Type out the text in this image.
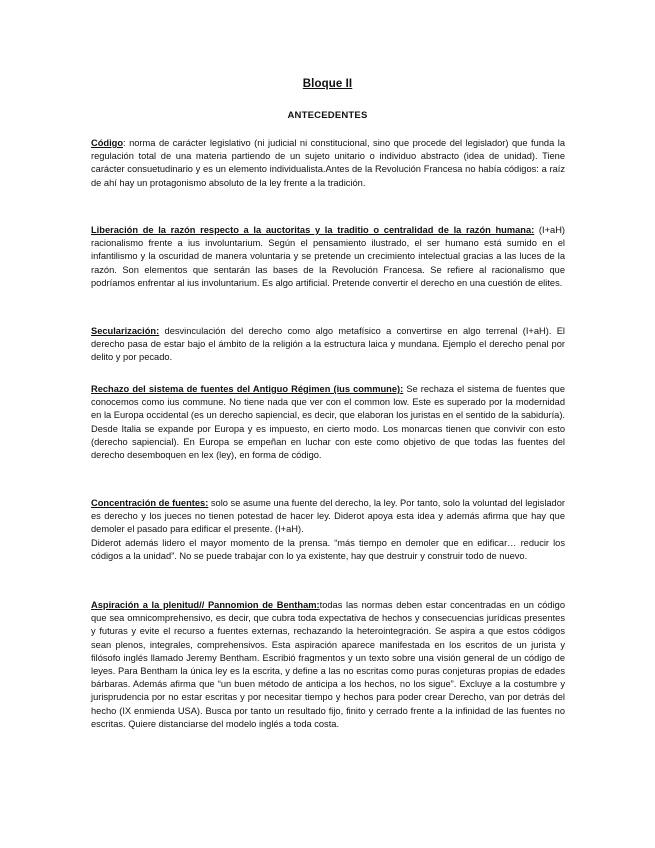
Bloque II
ANTECEDENTES

Código: norma de carácter legislativo (ni judicial ni constitucional, sino que procede del legislador) que funda la regulación total de una materia partiendo de un sujeto unitario o individuo abstracto (idea de unidad). Tiene carácter consuetudinario y es un elemento individualista.Antes de la Revolución Francesa no había códigos: a raíz de ahí hay un protagonismo absoluto de la ley frente a la tradición.

Liberación de la razón respecto a la auctoritas y la traditio o centralidad de la razón humana: (I+aH) racionalismo frente a ius involuntarium. Según el pensamiento ilustrado, el ser humano está sumido en el infantilismo y la oscuridad de manera voluntaria y se pretende un crecimiento intelectual gracias a las luces de la razón. Son elementos que sentarán las bases de la Revolución Francesa. Se refiere al racionalismo que podríamos enfrentar al ius involuntarium. Es algo artificial. Pretende convertir el derecho en una cuestión de elites.

Secularización: desvinculación del derecho como algo metafísico a convertirse en algo terrenal (I+aH). El derecho pasa de estar bajo el ámbito de la religión a la estructura laica y mundana. Ejemplo el derecho penal por delito y por pecado.

Rechazo del sistema de fuentes del Antiguo Régimen (ius commune): Se rechaza el sistema de fuentes que conocemos como ius commune. No tiene nada que ver con el common low. Este es superado por la modernidad en la Europa occidental (es un derecho sapiencial, es decir, que elaboran los juristas en el sentido de la sabiduría). Desde Italia se expande por Europa y es impuesto, en cierto modo. Los monarcas tienen que convivir con esto (derecho sapiencial). En Europa se empeñan en luchar con este como objetivo de que todas las fuentes del derecho desemboquen en lex (ley), en forma de código.

Concentración de fuentes: solo se asume una fuente del derecho, la ley. Por tanto, solo la voluntad del legislador es derecho y los jueces no tienen potestad de hacer ley. Diderot apoya esta idea y además afirma que hay que demoler el pasado para edificar el presente. (I+aH).
Diderot además lidero el mayor momento de la prensa. “más tiempo en demoler que en edificar… reducir los códigos a la unidad”. No se puede trabajar con lo ya existente, hay que destruir y construir todo de nuevo.

Aspiración a la plenitud// Pannomion de Bentham:todas las normas deben estar concentradas en un código que sea omnicomprehensivo, es decir, que cubra toda expectativa de hechos y consecuencias jurídicas presentes y futuras y evite el recurso a fuentes externas, rechazando la heterointegración. Se aspira a que estos códigos sean plenos, integrales, comprehensivos. Esta aspiración aparece manifestada en los escritos de un jurista y filósofo inglés llamado Jeremy Bentham. Escribió fragmentos y un texto sobre una visión general de un código de leyes. Para Bentham la única ley es la escrita, y define a las no escritas como puras conjeturas propias de edades bárbaras. Además afirma que “un buen método de anticipa a los hechos, no los sigue”. Excluye a la costumbre y jurisprudencia por no estar escritas y por necesitar tiempo y hechos para poder crear Derecho, van por detrás del hecho (IX enmienda USA). Busca por tanto un resultado fijo, finito y cerrado frente a la infinidad de las fuentes no escritas. Quiere distanciarse del modelo inglés a toda costa.
